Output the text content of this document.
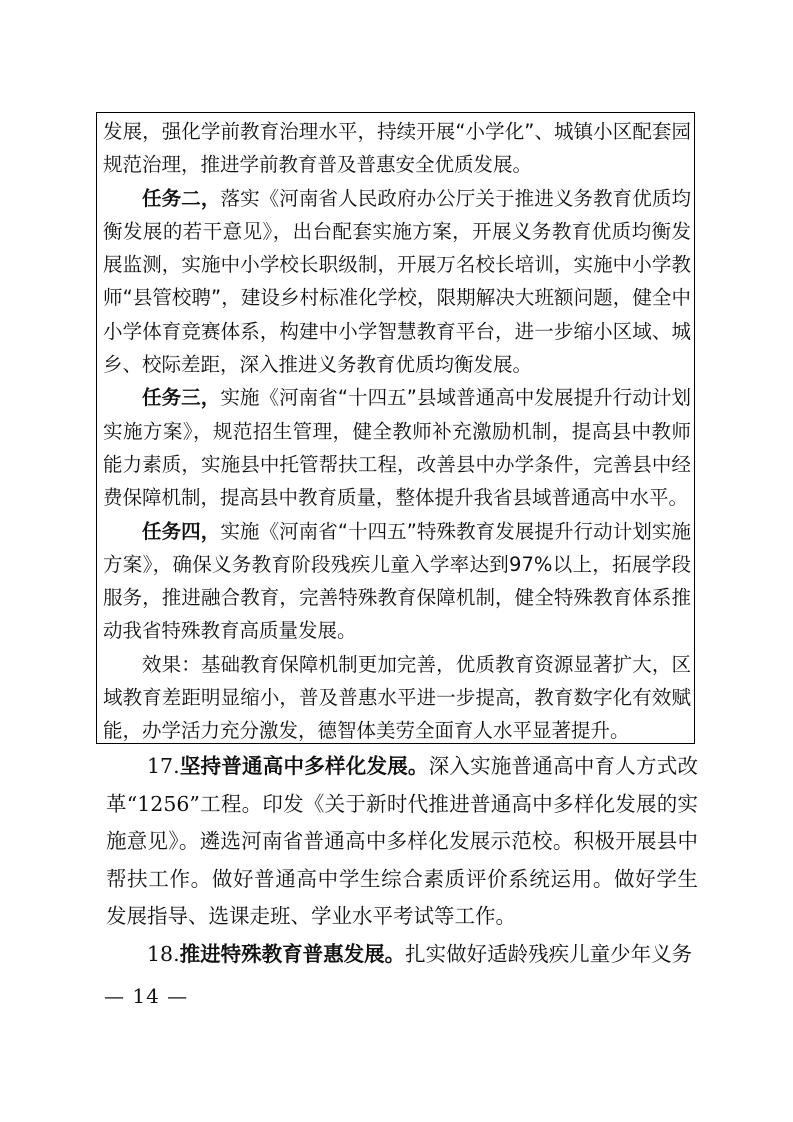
发展，强化学前教育治理水平，持续开展“小学化”、城镇小区配套园规范治理，推进学前教育普及普惠安全优质发展。

任务二，落实《河南省人民政府办公厅关于推进义务教育优质均衡发展的若干意见》，出台配套实施方案，开展义务教育优质均衡发展监测，实施中小学校长职级制，开展万名校长培训，实施中小学教师“县管校聘”，建设乡村标准化学校，限期解决大班额问题，健全中小学体育竞赛体系，构建中小学智慧教育平台，进一步缩小区域、城乡、校际差距，深入推进义务教育优质均衡发展。

任务三，实施《河南省“十四五”县域普通高中发展提升行动计划实施方案》，规范招生管理，健全教师补充激励机制，提高县中教师能力素质，实施县中托管帮扶工程，改善县中办学条件，完善县中经费保障机制，提高县中教育质量，整体提升我省县域普通高中水平。

任务四，实施《河南省“十四五”特殊教育发展提升行动计划实施方案》，确保义务教育阶段残疾儿童入学率达到97%以上，拓展学段服务，推进融合教育，完善特殊教育保障机制，健全特殊教育体系推动我省特殊教育高质量发展。

效果：基础教育保障机制更加完善，优质教育资源显著扩大，区域教育差距明显缩小，普及普惠水平进一步提高，教育数字化有效赋能，办学活力充分激发，德智体美劳全面育人水平显著提升。

17.坚持普通高中多样化发展。深入实施普通高中育人方式改革“1256”工程。印发《关于新时代推进普通高中多样化发展的实施意见》。遴选河南省普通高中多样化发展示范校。积极开展县中帮扶工作。做好普通高中学生综合素质评价系统运用。做好学生发展指导、选课走班、学业水平考试等工作。

18.推进特殊教育普惠发展。扎实做好适龄残疾儿童少年义务

— 14 —
